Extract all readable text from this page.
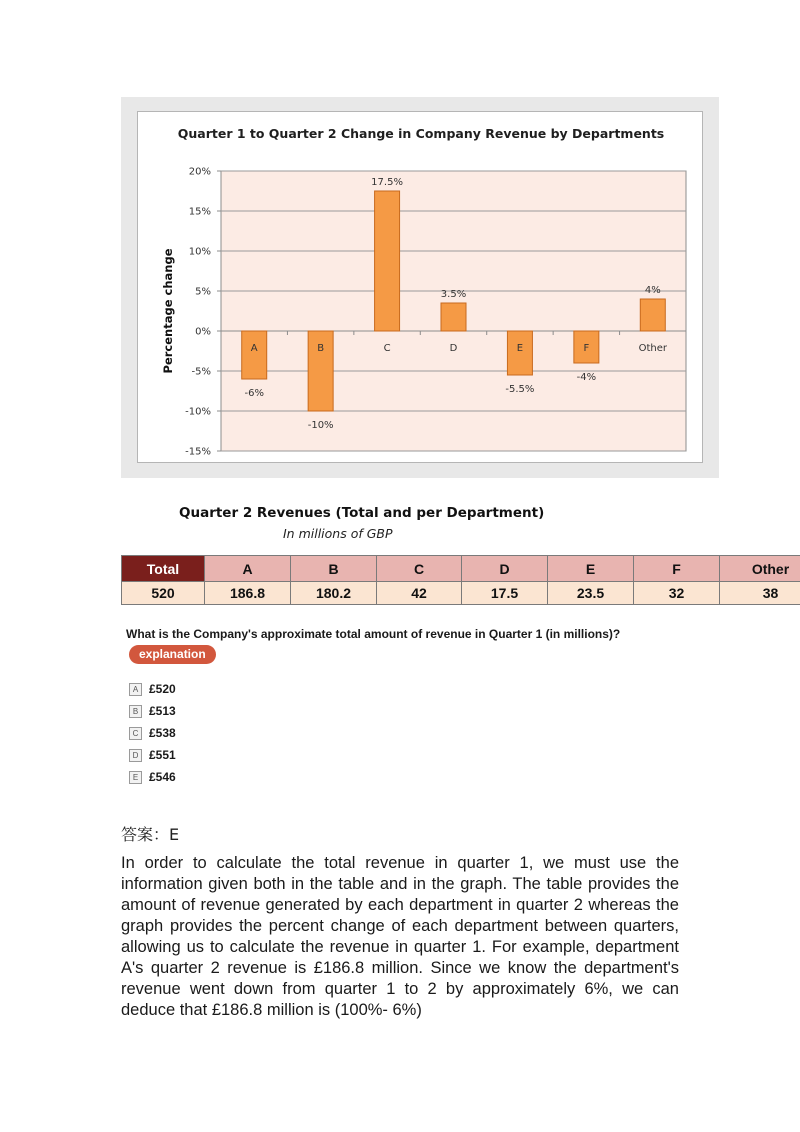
20%
15%
10%
5%
0%
-5%
-10%
-15%
A
-6%
B
-10%
C
17.5%
D
3.5%
E
-5.5%
F
-4%
Other
4%
Quarter 1 to Quarter 2 Change in Company Revenue by Departments
Percentage change
Quarter 2 Revenues (Total and per Department)
In millions of GBP
Total	A	B	C	D	E	F	Other
520	186.8	180.2	42	17.5	23.5	32	38
What is the Company's approximate total amount of revenue in Quarter 1 (in millions)?
explanation
A £520
B £513
C £538
D £551
E £546
答案：E

In order to calculate the total revenue in quarter 1, we must use the information given both in the table and in the graph. The table provides the amount of revenue generated by each department in quarter 2 whereas the graph provides the percent change of each department between quarters, allowing us to calculate the revenue in quarter 1. For example, department A's quarter 2 revenue is £186.8 million. Since we know the department's revenue went down from quarter 1 to 2 by approximately 6%, we can deduce that £186.8 million is (100%- 6%)
